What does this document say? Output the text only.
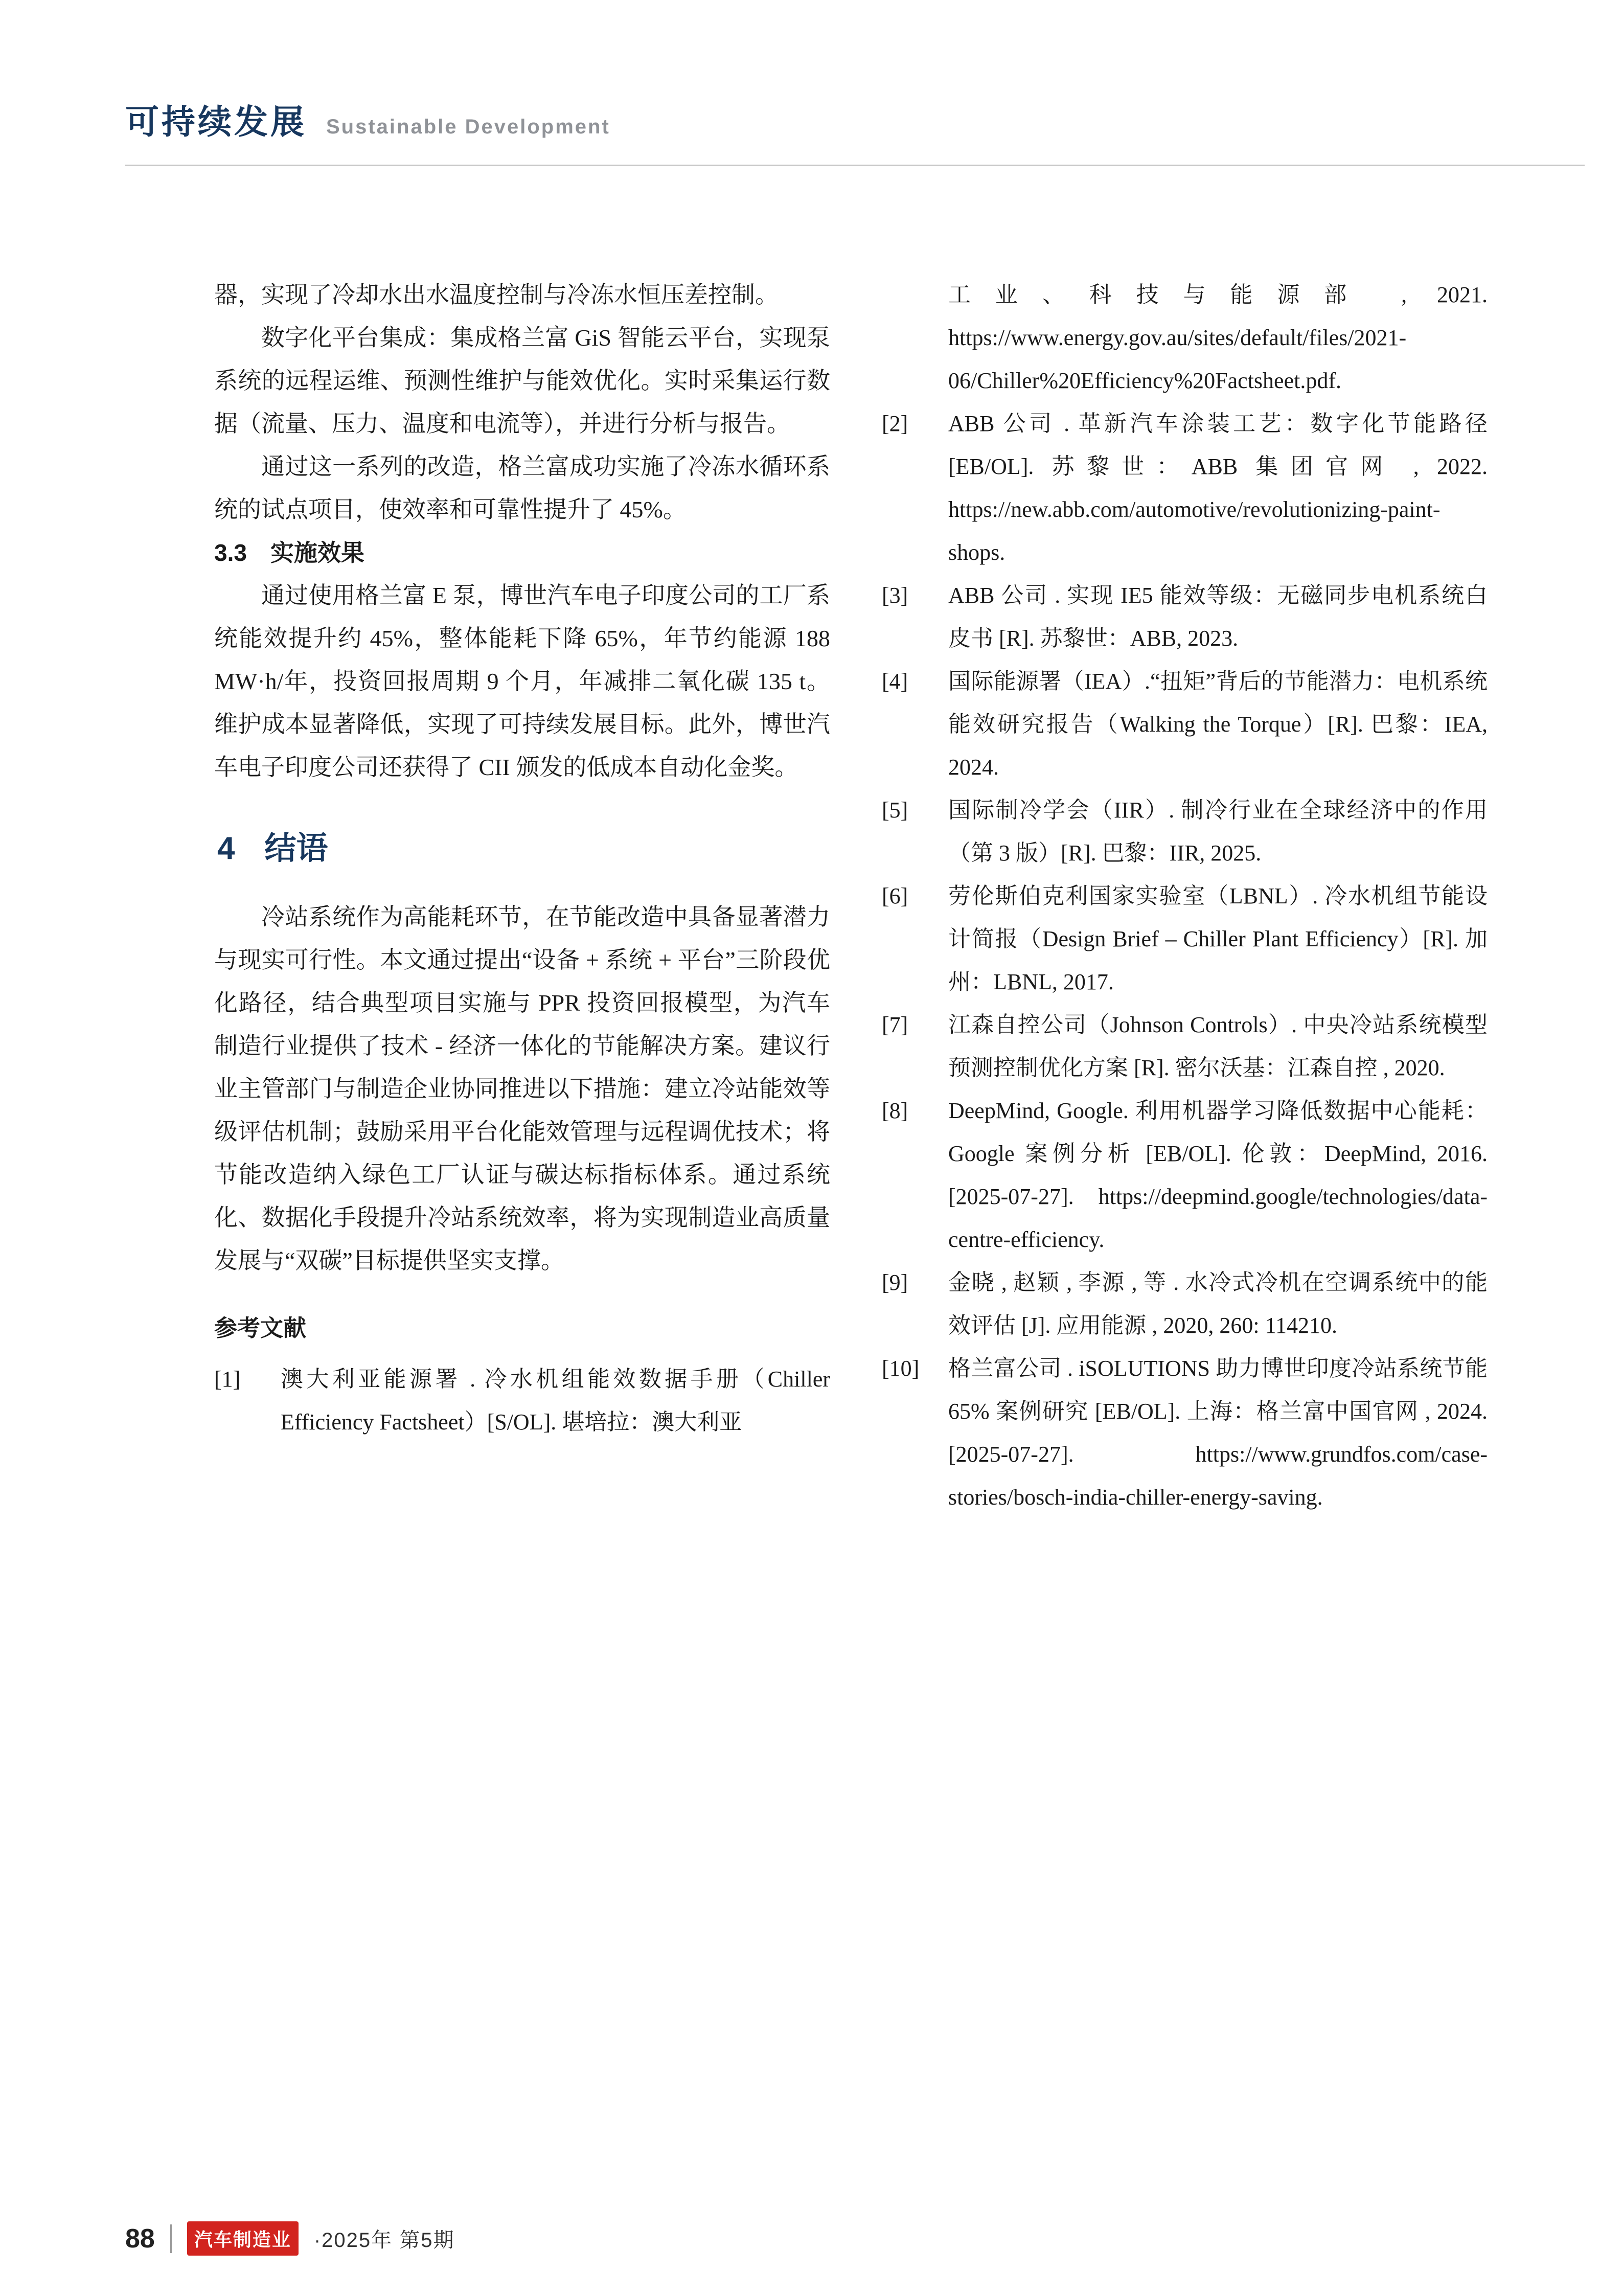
可持续发展 Sustainable Development

器，实现了冷却水出水温度控制与冷冻水恒压差控制。

数字化平台集成：集成格兰富 GiS 智能云平台，实现泵系统的远程运维、预测性维护与能效优化。实时采集运行数据（流量、压力、温度和电流等），并进行分析与报告。

通过这一系列的改造，格兰富成功实施了冷冻水循环系统的试点项目，使效率和可靠性提升了 45%。

3.3　实施效果

通过使用格兰富 E 泵，博世汽车电子印度公司的工厂系统能效提升约 45%，整体能耗下降 65%，年节约能源 188 MW·h/年，投资回报周期 9 个月，年减排二氧化碳 135 t。维护成本显著降低，实现了可持续发展目标。此外，博世汽车电子印度公司还获得了 CII 颁发的低成本自动化金奖。

4 结语

冷站系统作为高能耗环节，在节能改造中具备显著潜力与现实可行性。本文通过提出“设备 + 系统 + 平台”三阶段优化路径，结合典型项目实施与 PPR 投资回报模型，为汽车制造行业提供了技术 - 经济一体化的节能解决方案。建议行业主管部门与制造企业协同推进以下措施：建立冷站能效等级评估机制；鼓励采用平台化能效管理与远程调优技术；将节能改造纳入绿色工厂认证与碳达标指标体系。通过系统化、数据化手段提升冷站系统效率，将为实现制造业高质量发展与“双碳”目标提供坚实支撑。

参考文献
[1]	澳大利亚能源署 . 冷水机组能效数据手册（Chiller Efficiency Factsheet）[S/OL]. 堪培拉：澳大利亚
工业、科技与能源部 , 2021. https://www.energy.gov.au/sites/default/files/2021-06/Chiller%20Efficiency%20Factsheet.pdf.
[2]	ABB 公司 . 革新汽车涂装工艺：数字化节能路径 [EB/OL]. 苏黎世：ABB 集团官网 , 2022. https://new.abb.com/automotive/revolutionizing-paint-shops.
[3]	ABB 公司 . 实现 IE5 能效等级：无磁同步电机系统白皮书 [R]. 苏黎世：ABB, 2023.
[4]	国际能源署（IEA）.“扭矩”背后的节能潜力：电机系统能效研究报告（Walking the Torque）[R]. 巴黎：IEA, 2024.
[5]	国际制冷学会（IIR）. 制冷行业在全球经济中的作用（第 3 版）[R]. 巴黎：IIR, 2025.
[6]	劳伦斯伯克利国家实验室（LBNL）. 冷水机组节能设计简报（Design Brief – Chiller Plant Efficiency）[R]. 加州：LBNL, 2017.
[7]	江森自控公司（Johnson Controls）. 中央冷站系统模型预测控制优化方案 [R]. 密尔沃基：江森自控 , 2020.
[8]	DeepMind, Google. 利用机器学习降低数据中心能耗：Google 案例分析 [EB/OL]. 伦敦：DeepMind, 2016. [2025-07-27]. https://deepmind.google/technologies/data-centre-efficiency.
[9]	金晓 , 赵颖 , 李源 , 等 . 水冷式冷机在空调系统中的能效评估 [J]. 应用能源 , 2020, 260: 114210.
[10]	格兰富公司 . iSOLUTIONS 助力博世印度冷站系统节能 65% 案例研究 [EB/OL]. 上海：格兰富中国官网 , 2024. [2025-07-27]. https://www.grundfos.com/case-stories/bosch-india-chiller-energy-saving.
88	汽车制造业	·2025年 第5期
